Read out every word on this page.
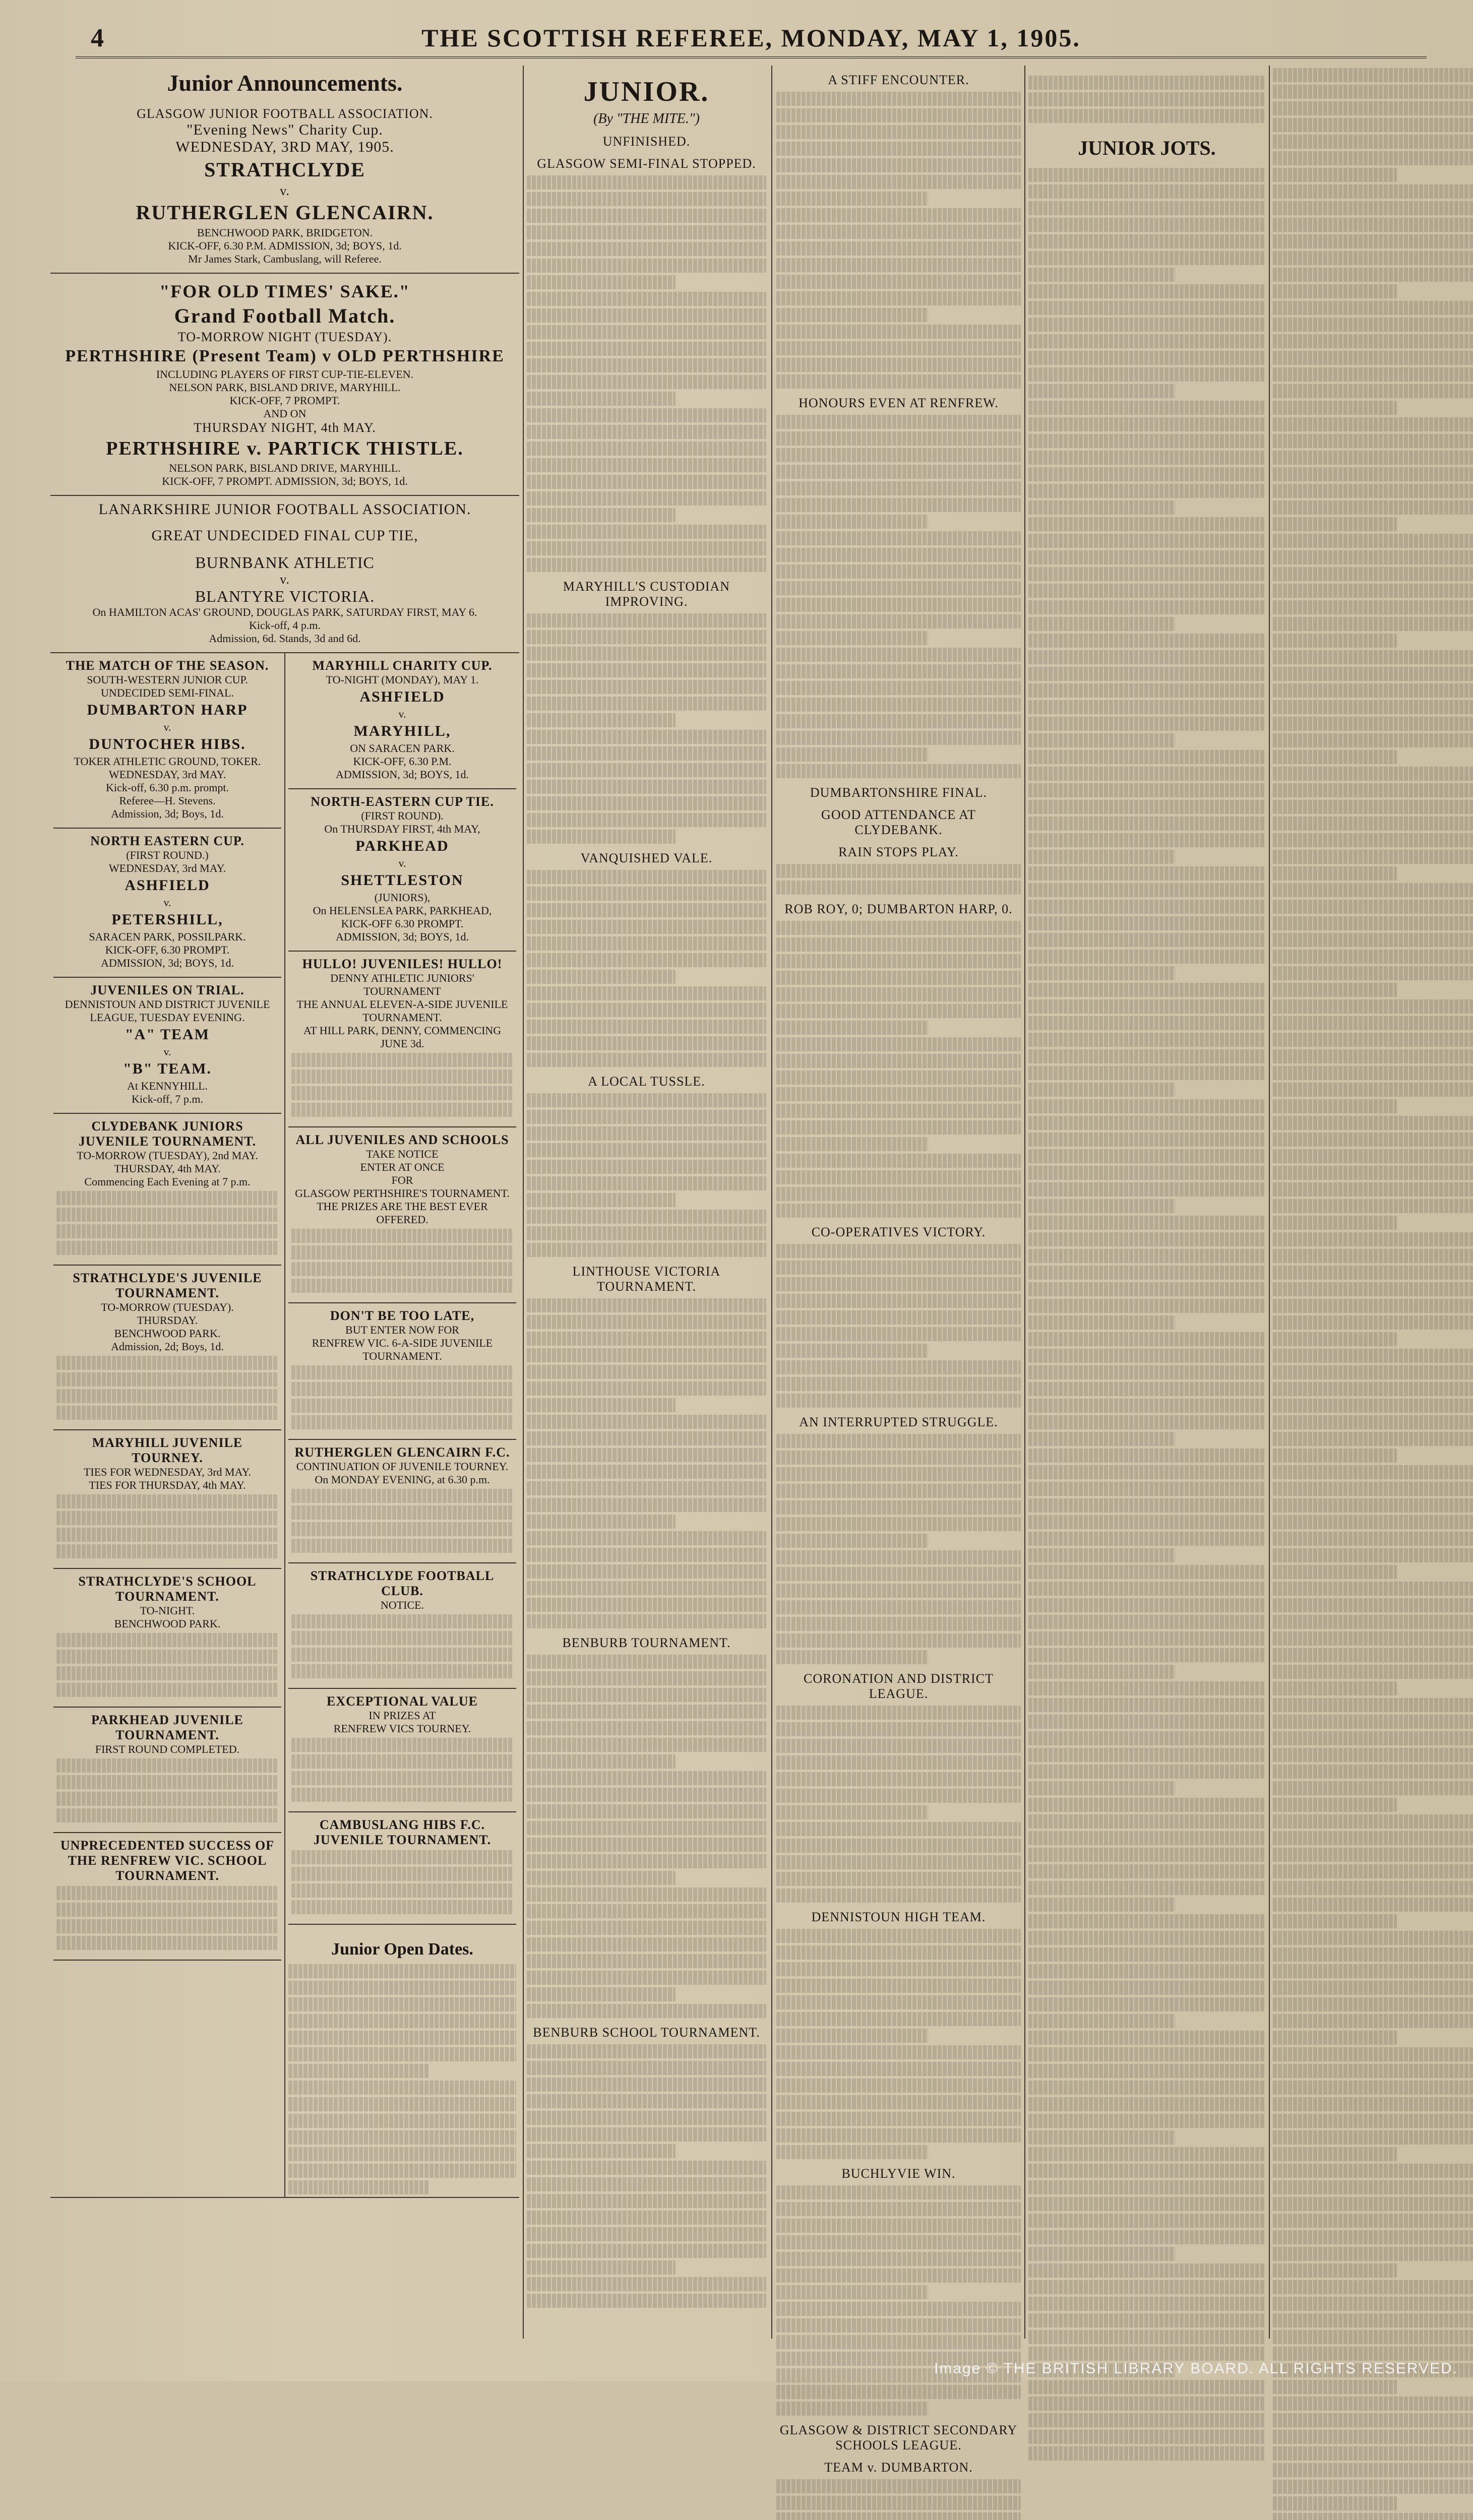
4	THE SCOTTISH REFEREE, MONDAY, MAY 1, 1905.
Junior Announcements.
GLASGOW JUNIOR FOOTBALL ASSOCIATION.
"Evening News" Charity Cup.
WEDNESDAY, 3RD MAY, 1905.
STRATHCLYDE
v.
RUTHERGLEN GLENCAIRN.
BENCHWOOD PARK, BRIDGETON.
KICK-OFF, 6.30 P.M. ADMISSION, 3d; BOYS, 1d.
Mr James Stark, Cambuslang, will Referee.
"FOR OLD TIMES' SAKE."
Grand Football Match.
TO-MORROW NIGHT (TUESDAY).
PERTHSHIRE (Present Team) v OLD PERTHSHIRE
INCLUDING PLAYERS OF FIRST CUP-TIE-ELEVEN.
NELSON PARK, BISLAND DRIVE, MARYHILL.
KICK-OFF, 7 PROMPT.
AND ON
THURSDAY NIGHT, 4th MAY.
PERTHSHIRE v. PARTICK THISTLE.
NELSON PARK, BISLAND DRIVE, MARYHILL.
KICK-OFF, 7 PROMPT. ADMISSION, 3d; BOYS, 1d.
LANARKSHIRE JUNIOR FOOTBALL ASSOCIATION.
GREAT UNDECIDED FINAL CUP TIE,
BURNBANK ATHLETIC
v.
BLANTYRE VICTORIA.
On HAMILTON ACAS' GROUND, DOUGLAS PARK, SATURDAY FIRST, MAY 6.
Kick-off, 4 p.m.
Admission, 6d. Stands, 3d and 6d.
THE MATCH OF THE SEASON.
SOUTH-WESTERN JUNIOR CUP.
UNDECIDED SEMI-FINAL.
DUMBARTON HARP
v.
DUNTOCHER HIBS.
TOKER ATHLETIC GROUND, TOKER.
WEDNESDAY, 3rd MAY.
Kick-off, 6.30 p.m. prompt.
Referee—H. Stevens.
Admission, 3d; Boys, 1d.
NORTH EASTERN CUP.
(FIRST ROUND.)
WEDNESDAY, 3rd MAY.
ASHFIELD
v.
PETERSHILL,
SARACEN PARK, POSSILPARK.
KICK-OFF, 6.30 PROMPT.
ADMISSION, 3d; BOYS, 1d.
JUVENILES ON TRIAL.
DENNISTOUN AND DISTRICT JUVENILE LEAGUE, TUESDAY EVENING.
"A" TEAM
v.
"B" TEAM.
At KENNYHILL.
Kick-off, 7 p.m.
CLYDEBANK JUNIORS JUVENILE TOURNAMENT.
TO-MORROW (TUESDAY), 2nd MAY.
THURSDAY, 4th MAY.
Commencing Each Evening at 7 p.m.
STRATHCLYDE'S JUVENILE TOURNAMENT.
TO-MORROW (TUESDAY).
THURSDAY.
BENCHWOOD PARK.
Admission, 2d; Boys, 1d.
MARYHILL JUVENILE TOURNEY.
TIES FOR WEDNESDAY, 3rd MAY.
TIES FOR THURSDAY, 4th MAY.
STRATHCLYDE'S SCHOOL TOURNAMENT.
TO-NIGHT.
BENCHWOOD PARK.
PARKHEAD JUVENILE TOURNAMENT.
FIRST ROUND COMPLETED.
UNPRECEDENTED SUCCESS OF THE RENFREW VIC. SCHOOL TOURNAMENT.
MARYHILL CHARITY CUP.
TO-NIGHT (MONDAY), MAY 1.
ASHFIELD
v.
MARYHILL,
ON SARACEN PARK.
KICK-OFF, 6.30 P.M.
ADMISSION, 3d; BOYS, 1d.
NORTH-EASTERN CUP TIE.
(FIRST ROUND).
On THURSDAY FIRST, 4th MAY,
PARKHEAD
v.
SHETTLESTON
(JUNIORS),
On HELENSLEA PARK, PARKHEAD,
KICK-OFF 6.30 PROMPT.
ADMISSION, 3d; BOYS, 1d.
HULLO! JUVENILES! HULLO!
DENNY ATHLETIC JUNIORS' TOURNAMENT
THE ANNUAL ELEVEN-A-SIDE JUVENILE TOURNAMENT.
AT HILL PARK, DENNY, COMMENCING JUNE 3d.
ALL JUVENILES AND SCHOOLS
TAKE NOTICE
ENTER AT ONCE
FOR
GLASGOW PERTHSHIRE'S TOURNAMENT.
THE PRIZES ARE THE BEST EVER OFFERED.
DON'T BE TOO LATE,
BUT ENTER NOW FOR
RENFREW VIC. 6-A-SIDE JUVENILE TOURNAMENT.
RUTHERGLEN GLENCAIRN F.C.
CONTINUATION OF JUVENILE TOURNEY.
On MONDAY EVENING, at 6.30 p.m.
STRATHCLYDE FOOTBALL CLUB.
NOTICE.
EXCEPTIONAL VALUE
IN PRIZES AT
RENFREW VICS TOURNEY.
CAMBUSLANG HIBS F.C. JUVENILE TOURNAMENT.
Junior Open Dates.
JUNIOR.
(By "THE MITE.")
UNFINISHED.
GLASGOW SEMI-FINAL STOPPED.
MARYHILL'S CUSTODIAN IMPROVING.
VANQUISHED VALE.
A LOCAL TUSSLE.
LINTHOUSE VICTORIA TOURNAMENT.
BENBURB TOURNAMENT.
BENBURB SCHOOL TOURNAMENT.
A STIFF ENCOUNTER.
HONOURS EVEN AT RENFREW.
DUMBARTONSHIRE FINAL.
GOOD ATTENDANCE AT CLYDEBANK.
RAIN STOPS PLAY.
ROB ROY, 0; DUMBARTON HARP, 0.
CO-OPERATIVES VICTORY.
AN INTERRUPTED STRUGGLE.
CORONATION AND DISTRICT LEAGUE.
DENNISTOUN HIGH TEAM.
BUCHLYVIE WIN.
GLASGOW & DISTRICT SECONDARY SCHOOLS LEAGUE.
TEAM v. DUMBARTON.
JUNIOR JOTS.
Image © THE BRITISH LIBRARY BOARD. ALL RIGHTS RESERVED.
